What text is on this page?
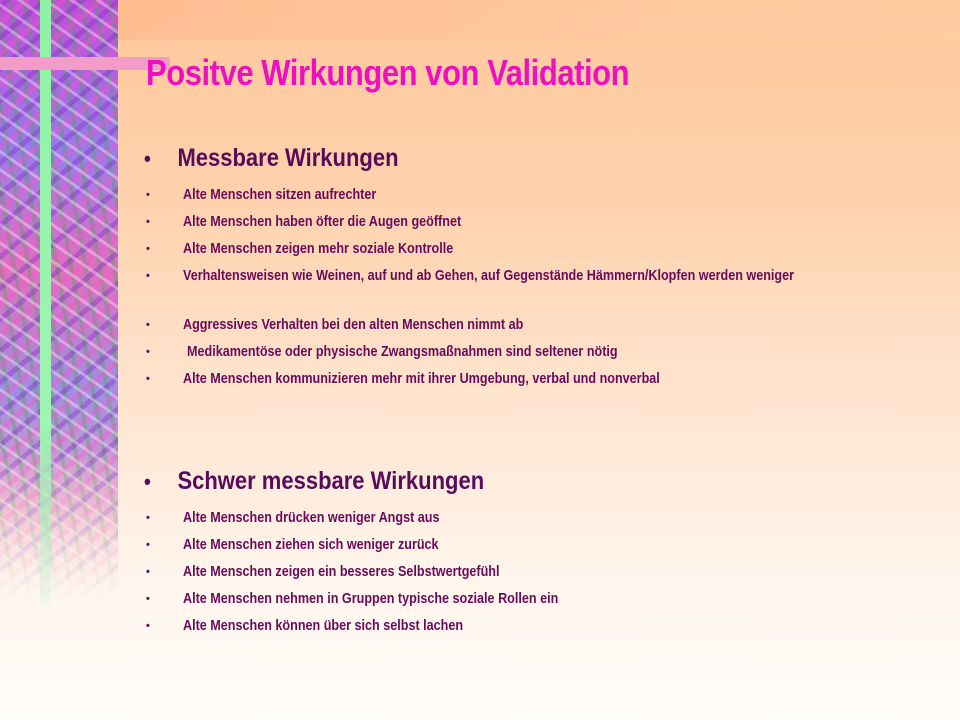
Positve Wirkungen von Validation
• Messbare Wirkungen
• Alte Menschen sitzen aufrechter
• Alte Menschen haben öfter die Augen geöffnet
• Alte Menschen zeigen mehr soziale Kontrolle
• Verhaltensweisen wie Weinen, auf und ab Gehen, auf Gegenstände Hämmern/Klopfen werden weniger
• Aggressives Verhalten bei den alten Menschen nimmt ab
• Medikamentöse oder physische Zwangsmaßnahmen sind seltener nötig
• Alte Menschen kommunizieren mehr mit ihrer Umgebung, verbal und nonverbal
• Schwer messbare Wirkungen
• Alte Menschen drücken weniger Angst aus
• Alte Menschen ziehen sich weniger zurück
• Alte Menschen zeigen ein besseres Selbstwertgefühl
• Alte Menschen nehmen in Gruppen typische soziale Rollen ein
• Alte Menschen können über sich selbst lachen
